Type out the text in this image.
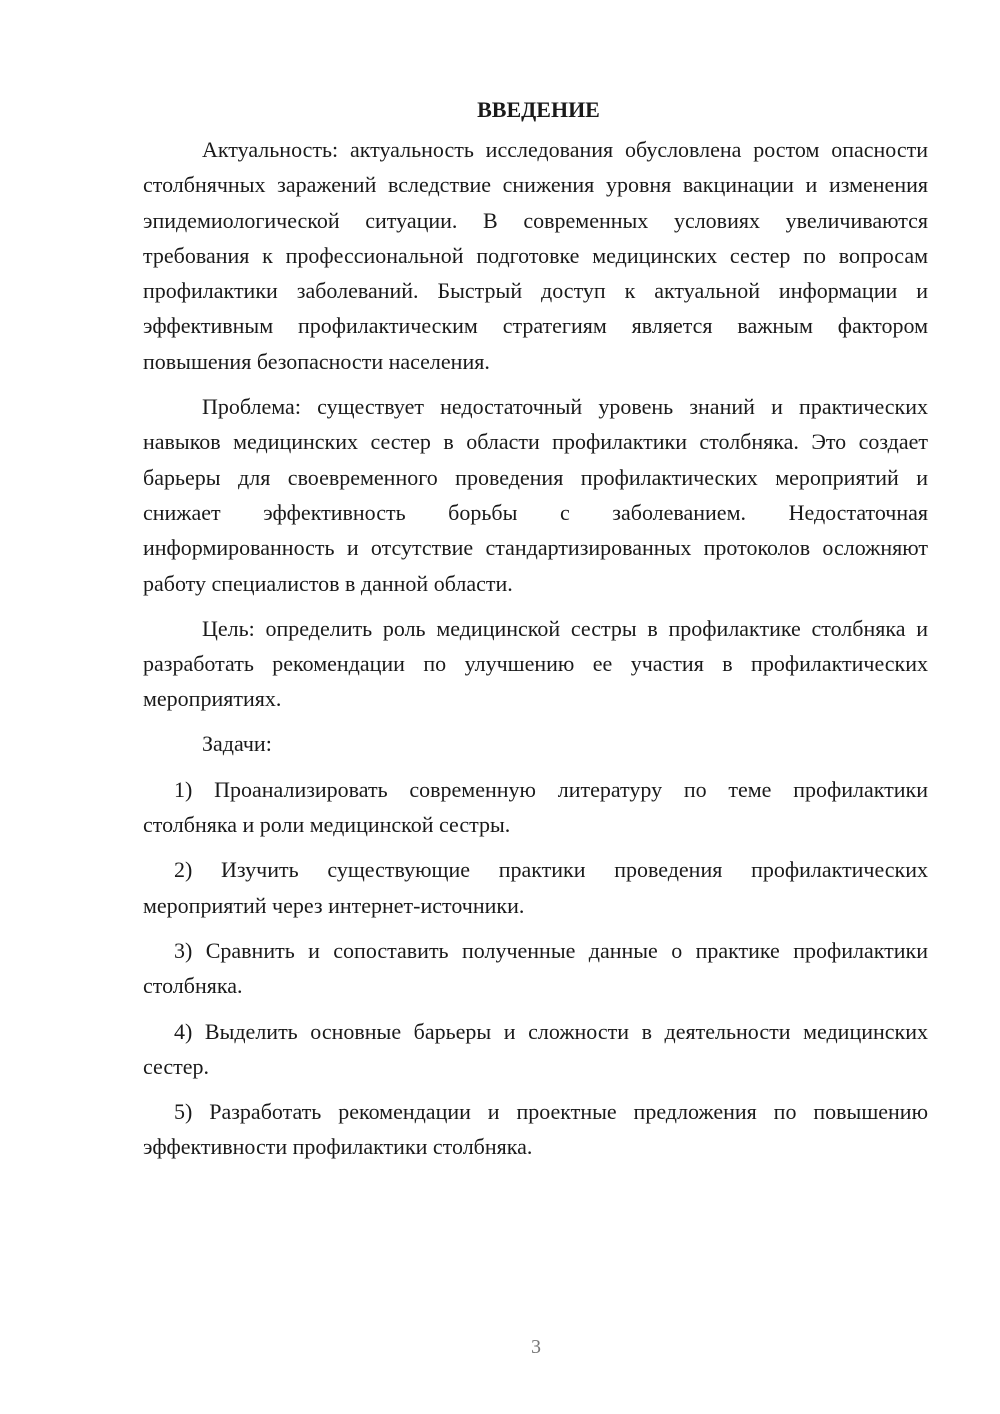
ВВЕДЕНИЕ

Актуальность: актуальность исследования обусловлена ростом опасности столбнячных заражений вследствие снижения уровня вакцинации и изменения эпидемиологической ситуации. В современных условиях увеличиваются требования к профессиональной подготовке медицинских сестер по вопросам профилактики заболеваний. Быстрый доступ к актуальной информации и эффективным профилактическим стратегиям является важным фактором повышения безопасности населения.

Проблема: существует недостаточный уровень знаний и практических навыков медицинских сестер в области профилактики столбняка. Это создает барьеры для своевременного проведения профилактических мероприятий и снижает эффективность борьбы с заболеванием. Недостаточная информированность и отсутствие стандартизированных протоколов осложняют работу специалистов в данной области.

Цель: определить роль медицинской сестры в профилактике столбняка и разработать рекомендации по улучшению ее участия в профилактических мероприятиях.

Задачи:

1) Проанализировать современную литературу по теме профилактики столбняка и роли медицинской сестры.

2) Изучить существующие практики проведения профилактических мероприятий через интернет-источники.

3) Сравнить и сопоставить полученные данные о практике профилактики столбняка.

4) Выделить основные барьеры и сложности в деятельности медицинских сестер.

5) Разработать рекомендации и проектные предложения по повышению эффективности профилактики столбняка.

3
